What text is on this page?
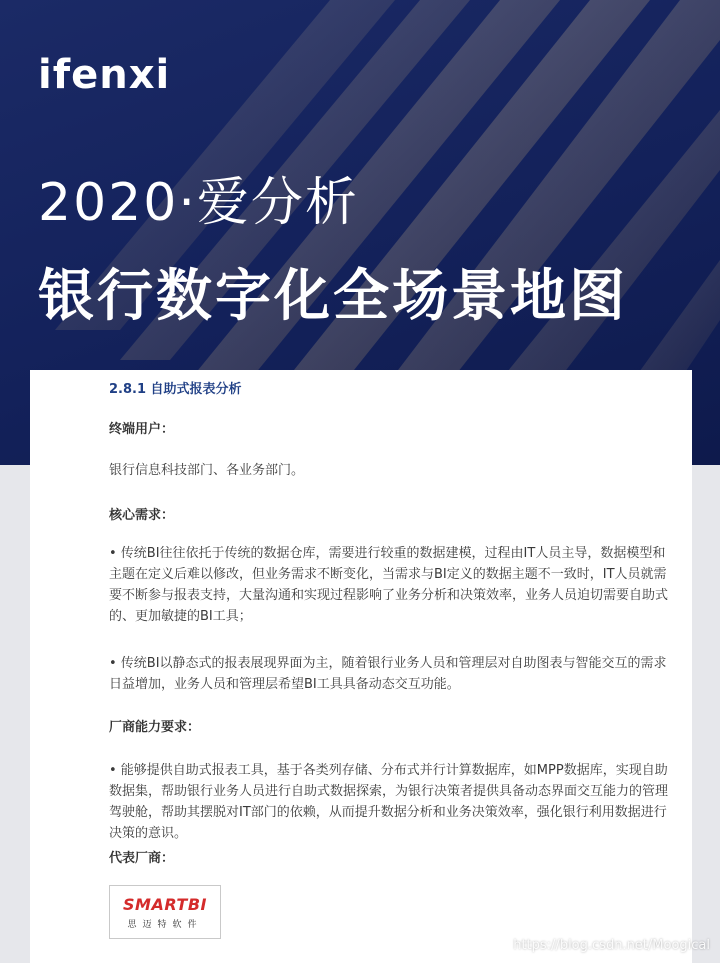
ifenxi
2020·爱分析
银行数字化全场景地图
2.8.1 自助式报表分析
终端用户：
银行信息科技部门、各业务部门。
核心需求：
• 传统BI往往依托于传统的数据仓库，需要进行较重的数据建模，过程由IT人员主导，数据模型和主题在定义后难以修改，但业务需求不断变化，当需求与BI定义的数据主题不一致时，IT人员就需要不断参与报表支持，大量沟通和实现过程影响了业务分析和决策效率，业务人员迫切需要自助式的、更加敏捷的BI工具；
• 传统BI以静态式的报表展现界面为主，随着银行业务人员和管理层对自助图表与智能交互的需求日益增加，业务人员和管理层希望BI工具具备动态交互功能。
厂商能力要求：
• 能够提供自助式报表工具，基于各类列存储、分布式并行计算数据库，如MPP数据库，实现自助数据集，帮助银行业务人员进行自助式数据探索，为银行决策者提供具备动态界面交互能力的管理驾驶舱，帮助其摆脱对IT部门的依赖，从而提升数据分析和业务决策效率，强化银行利用数据进行决策的意识。
代表厂商：
SMARTBI
思迈特软件
https://blog.csdn.net/Moogical
